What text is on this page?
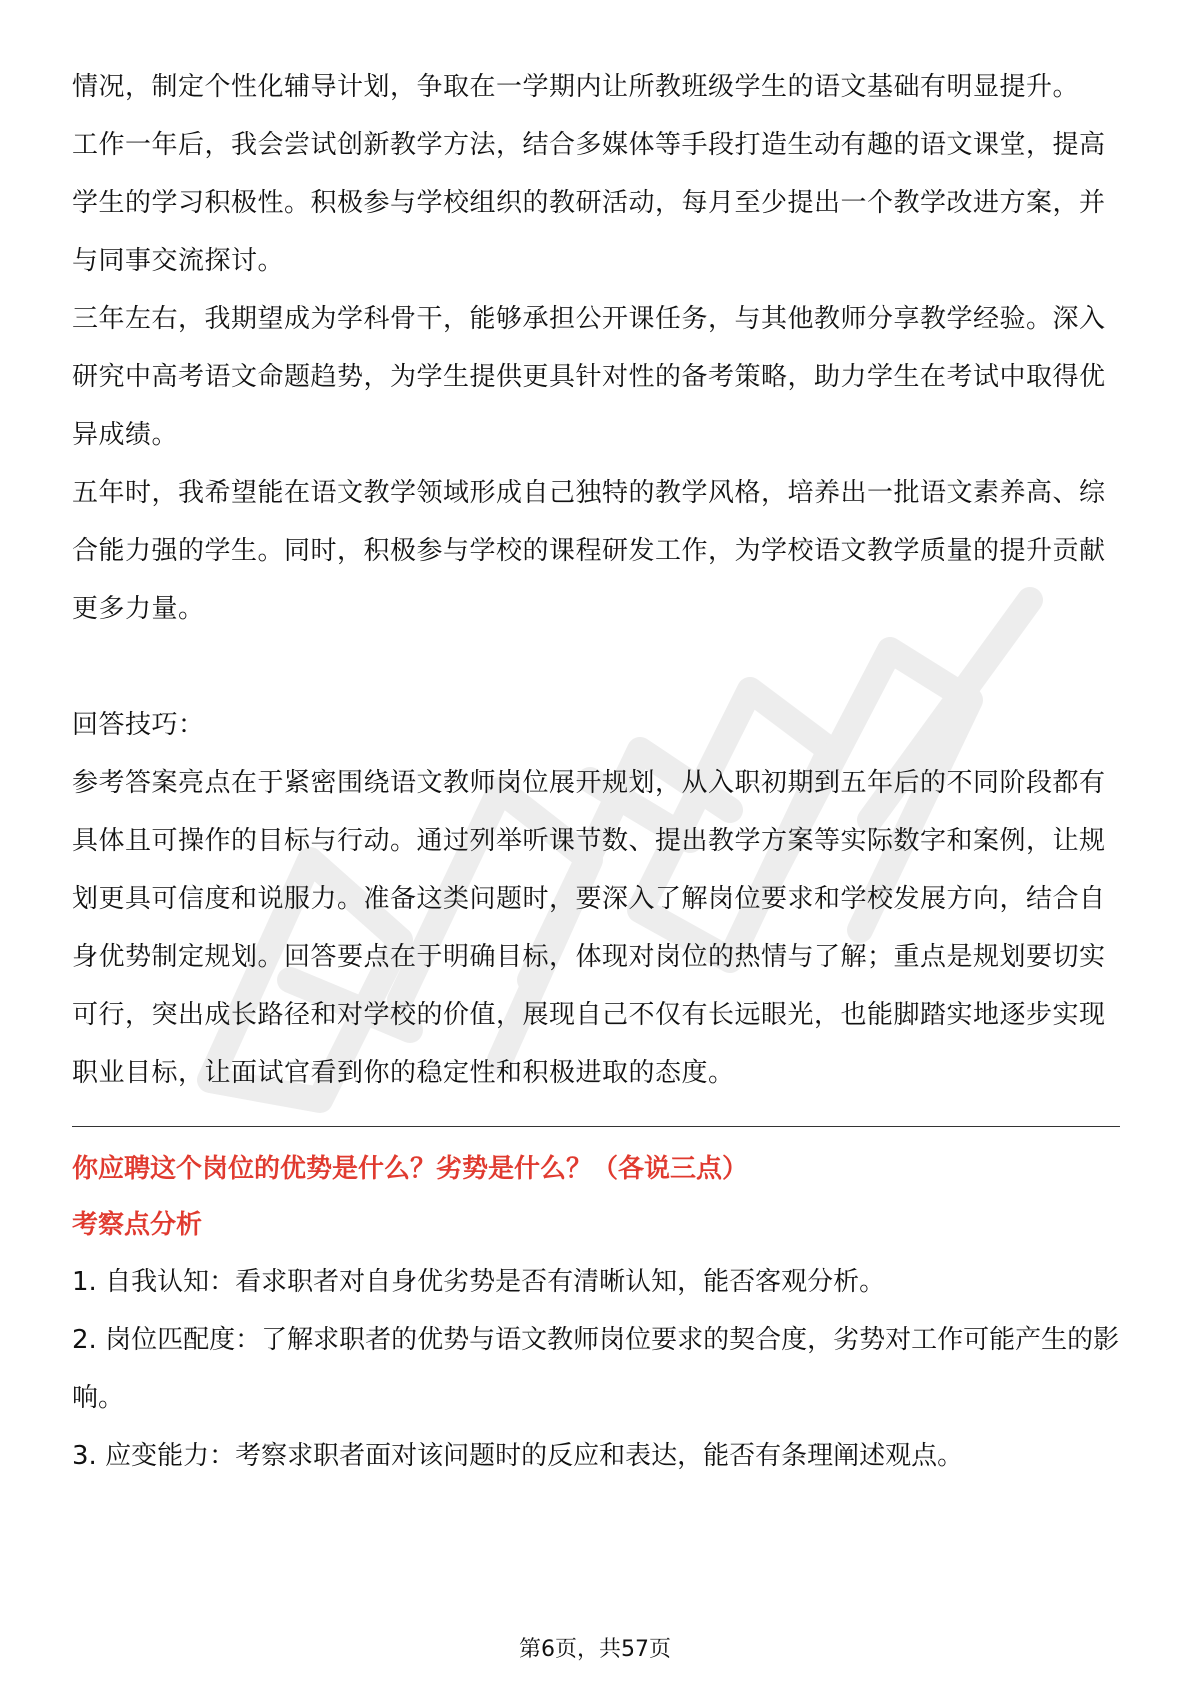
情况，制定个性化辅导计划，争取在一学期内让所教班级学生的语文基础有明显提升。

工作一年后，我会尝试创新教学方法，结合多媒体等手段打造生动有趣的语文课堂，提高学生的学习积极性。积极参与学校组织的教研活动，每月至少提出一个教学改进方案，并与同事交流探讨。

三年左右，我期望成为学科骨干，能够承担公开课任务，与其他教师分享教学经验。深入研究中高考语文命题趋势，为学生提供更具针对性的备考策略，助力学生在考试中取得优异成绩。

五年时，我希望能在语文教学领域形成自己独特的教学风格，培养出一批语文素养高、综合能力强的学生。同时，积极参与学校的课程研发工作，为学校语文教学质量的提升贡献更多力量。

回答技巧：

参考答案亮点在于紧密围绕语文教师岗位展开规划，从入职初期到五年后的不同阶段都有具体且可操作的目标与行动。通过列举听课节数、提出教学方案等实际数字和案例，让规划更具可信度和说服力。准备这类问题时，要深入了解岗位要求和学校发展方向，结合自身优势制定规划。回答要点在于明确目标，体现对岗位的热情与了解；重点是规划要切实可行，突出成长路径和对学校的价值，展现自己不仅有长远眼光，也能脚踏实地逐步实现职业目标，让面试官看到你的稳定性和积极进取的态度。

你应聘这个岗位的优势是什么？劣势是什么？（各说三点）

考察点分析

1. 自我认知：看求职者对自身优劣势是否有清晰认知，能否客观分析。

2. 岗位匹配度：了解求职者的优势与语文教师岗位要求的契合度，劣势对工作可能产生的影响。

3. 应变能力：考察求职者面对该问题时的反应和表达，能否有条理阐述观点。

第6页，共57页
